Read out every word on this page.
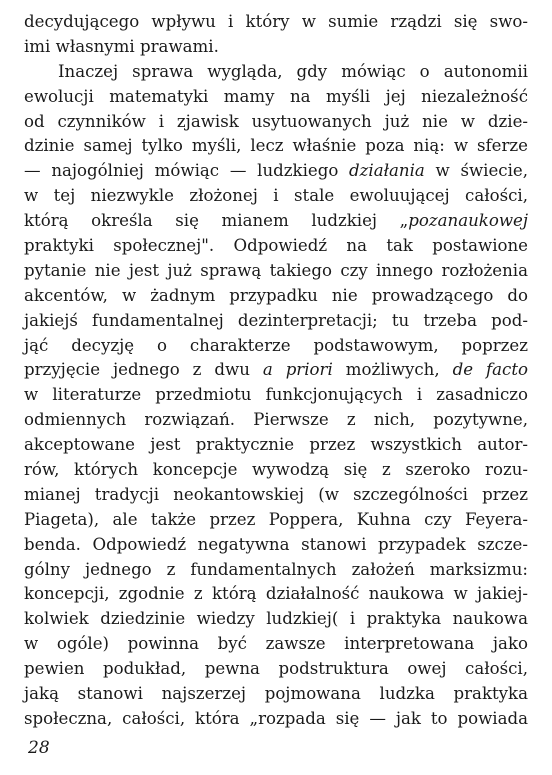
decydującego wpływu i który w sumie rządzi się swo-
imi własnymi prawami.
Inaczej sprawa wygląda, gdy mówiąc o autonomii
ewolucji matematyki mamy na myśli jej niezależność
od czynników i zjawisk usytuowanych już nie w dzie-
dzinie samej tylko myśli, lecz właśnie poza nią: w sferze
— najogólniej mówiąc — ludzkiego działania w świecie,
w tej niezwykle złożonej i stale ewoluującej całości,
którą określa się mianem ludzkiej „pozanaukowej
praktyki społecznej". Odpowiedź na tak postawione
pytanie nie jest już sprawą takiego czy innego rozłożenia
akcentów, w żadnym przypadku nie prowadzącego do
jakiejś fundamentalnej dezinterpretacji; tu trzeba pod-
jąć decyzję o charakterze podstawowym, poprzez
przyjęcie jednego z dwu a priori możliwych, de facto
w literaturze przedmiotu funkcjonujących i zasadniczo
odmiennych rozwiązań. Pierwsze z nich, pozytywne,
akceptowane jest praktycznie przez wszystkich autor-
rów, których koncepcje wywodzą się z szeroko rozu-
mianej tradycji neokantowskiej (w szczególności przez
Piageta), ale także przez Poppera, Kuhna czy Feyera-
benda. Odpowiedź negatywna stanowi przypadek szcze-
gólny jednego z fundamentalnych założeń marksizmu:
koncepcji, zgodnie z którą działalność naukowa w jakiej-
kolwiek dziedzinie wiedzy ludzkiej( i praktyka naukowa
w ogóle) powinna być zawsze interpretowana jako
pewien podukład, pewna podstruktura owej całości,
jaką stanowi najszerzej pojmowana ludzka praktyka
społeczna, całości, która „rozpada się — jak to powiada
28
